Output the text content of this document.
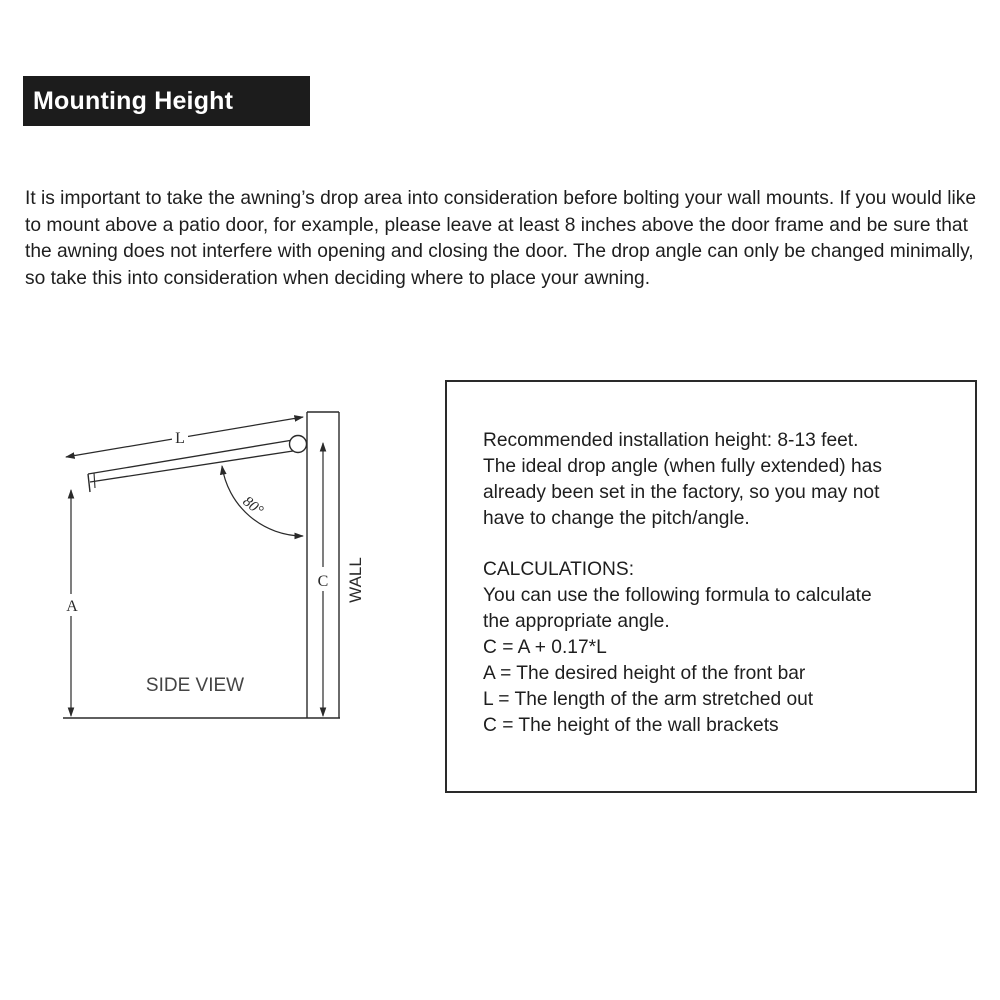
Mounting Height

It is important to take the awning’s drop area into consideration before bolting your wall mounts. If you would like to mount above a patio door, for example, please leave at least 8 inches above the door frame and be sure that the awning does not interfere with opening and closing the door. The drop angle can only be changed minimally, so take this into consideration when deciding where to place your awning.

L
80°
A
C WALL
SIDE VIEW
Recommended installation height: 8-13 feet.
The ideal drop angle (when fully extended) has
already been set in the factory, so you may not
have to change the pitch/angle.
CALCULATIONS:
You can use the following formula to calculate
the appropriate angle.
C = A + 0.17*L
A = The desired height of the front bar
L = The length of the arm stretched out
C = The height of the wall brackets
